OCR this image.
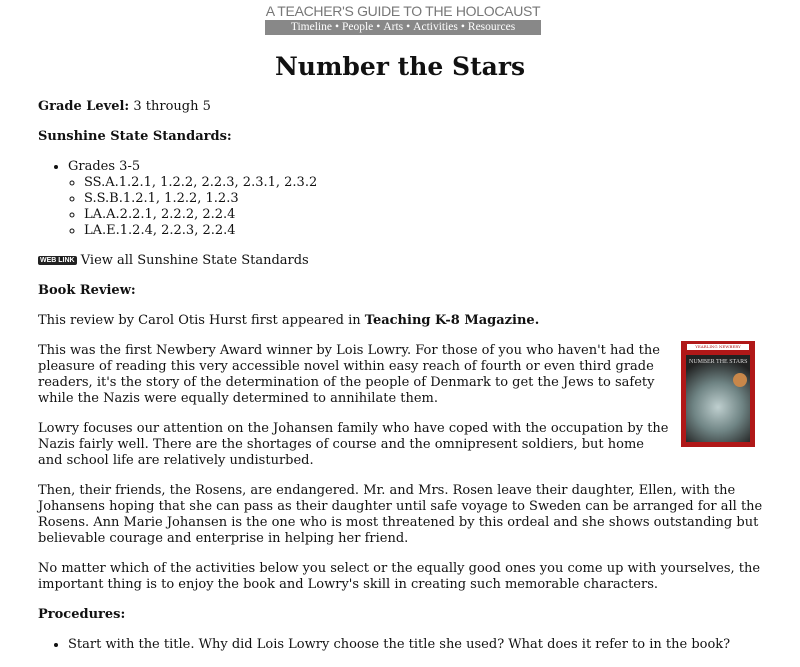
A TEACHER'S GUIDE TO THE HOLOCAUST
Timeline • People • Arts • Activities • Resources
Number the Stars

Grade Level: 3 through 5

Sunshine State Standards:

• Grades 3-5
◦ SS.A.1.2.1, 1.2.2, 2.2.3, 2.3.1, 2.3.2
◦ S.S.B.1.2.1, 1.2.2, 1.2.3
◦ LA.A.2.2.1, 2.2.2, 2.2.4
◦ LA.E.1.2.4, 2.2.3, 2.2.4

WEB LINK View all Sunshine State Standards

Book Review:

This review by Carol Otis Hurst first appeared in Teaching K-8 Magazine.

YEARLING NEWBERY
NUMBER THE STARS

This was the first Newbery Award winner by Lois Lowry. For those of you who haven't had the pleasure of reading this very accessible novel within easy reach of fourth or even third grade readers, it's the story of the determination of the people of Denmark to get the Jews to safety while the Nazis were equally determined to annihilate them.

Lowry focuses our attention on the Johansen family who have coped with the occupation by the Nazis fairly well. There are the shortages of course and the omnipresent soldiers, but home and school life are relatively undisturbed.

Then, their friends, the Rosens, are endangered. Mr. and Mrs. Rosen leave their daughter, Ellen, with the Johansens hoping that she can pass as their daughter until safe voyage to Sweden can be arranged for all the Rosens. Ann Marie Johansen is the one who is most threatened by this ordeal and she shows outstanding but believable courage and enterprise in helping her friend.

No matter which of the activities below you select or the equally good ones you come up with yourselves, the important thing is to enjoy the book and Lowry's skill in creating such memorable characters.

Procedures:

• Start with the title. Why did Lois Lowry choose the title she used? What does it refer to in the book?
